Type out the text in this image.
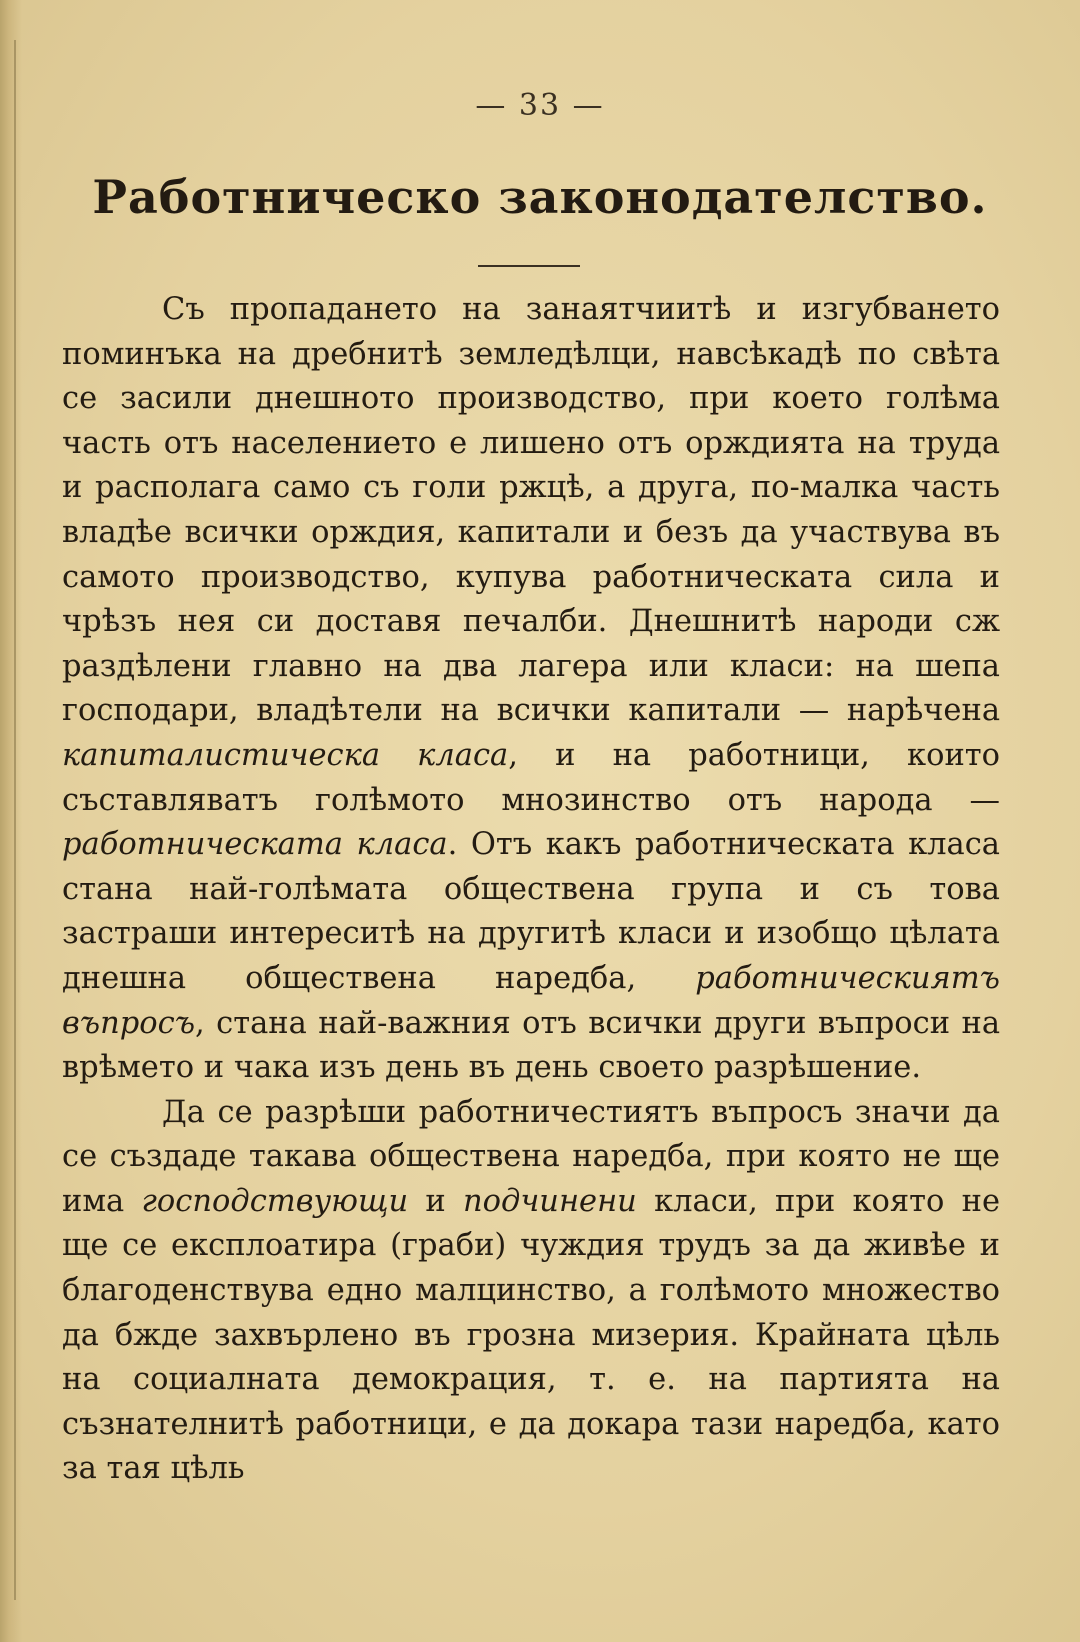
— 33 —
Работническо законодателство.

Съ пропадането на занаятчиитѣ и изгубването поминъка на дребнитѣ земледѣлци, навсѣкадѣ по свѣта се засили днешното производство, при което голѣма часть отъ населението е лишено отъ орждията на труда и располага само съ голи ржцѣ, а друга, по-малка часть владѣе всички орждия, капитали и безъ да участвува въ самото производство, купува работническата сила и чрѣзъ нея си доставя печалби. Днешнитѣ народи сж раздѣлени главно на два лагера или класи: на шепа господари, владѣтели на всички капитали — нарѣчена капиталистическа класа, и на работници, които съставляватъ голѣмото мнозинство отъ народа — работническата класа. Отъ какъ работническата класа стана най-голѣмата обществена група и съ това застраши интереситѣ на другитѣ класи и изобщо цѣлата днешна обществена наредба, работническиятъ въпросъ, стана най-важния отъ всички други въпроси на врѣмето и чака изъ день въ день своето разрѣшение.

Да се разрѣши работничестиятъ въпросъ значи да се създаде такава обществена наредба, при която не ще има господствующи и подчинени класи, при която не ще се експлоатира (граби) чуждия трудъ за да живѣе и благоденствува едно малцинство, а голѣмото множество да бжде захвърлено въ грозна мизерия. Крайната цѣль на социалната демокрация, т. е. на партията на съзнателнитѣ работници, е да докара тази наредба, като за тая цѣль
